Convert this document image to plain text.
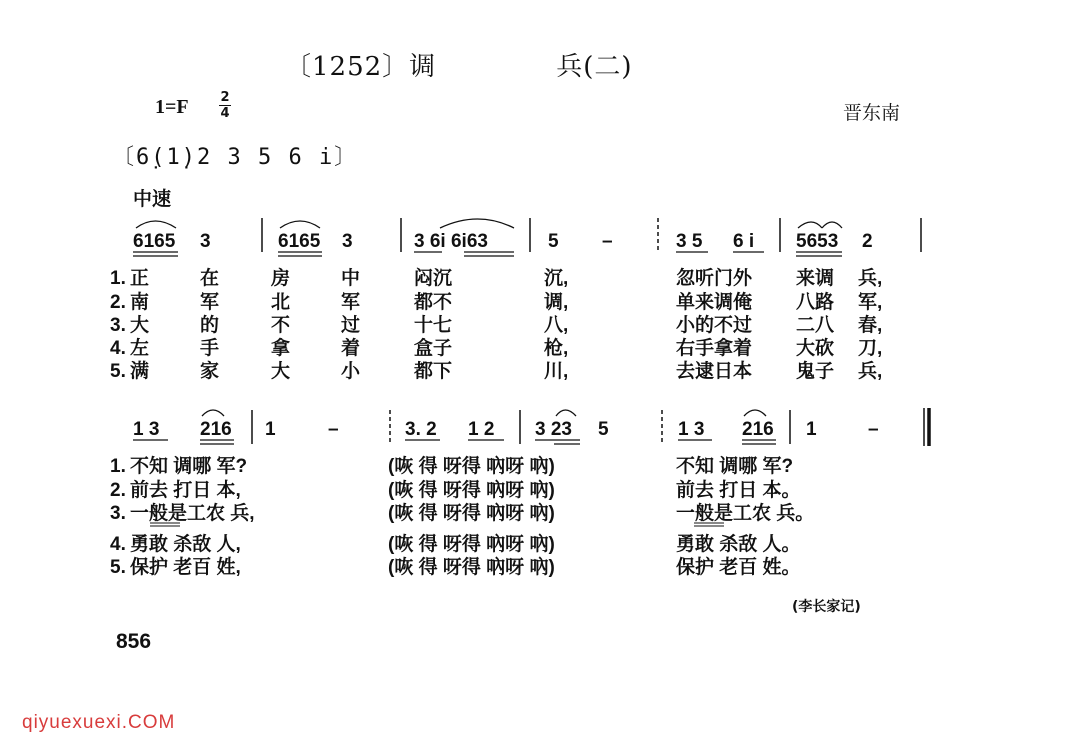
〔1252〕调	兵(二)
1=F 2
4	晋东南
〔6̣(1̣)2 3 5 6 i〕
中速
6165 3	6165 3	3 6i 6i63	5 –	3 5 6 i 5653 2
1. 正	在	房	中	闷沉	沉,	忽听门外 来调 兵,
2. 南	军	北	军	都不	调,	单来调俺 八路 军,
3. 大	的	不	过	十七	八,	小的不过 二八 春,
4. 左	手	拿	着	盒子	枪,	右手拿着 大砍 刀,
5. 满	家	大	小	都下	川,	去逮日本 鬼子 兵,
1 3 216 1	–	3. 2 1 2 3 23 5	1 3 216 1	–
1. 不知 调哪 军?	(咴 得 呀得 吶呀 吶)	不知 调哪 军?
2. 前去 打日 本,	(咴 得 呀得 吶呀 吶)	前去 打日 本。
3. 一般是工农 兵,	(咴 得 呀得 吶呀 吶)	一般是工农 兵。
4. 勇敢 杀敌 人,	(咴 得 呀得 吶呀 吶)	勇敢 杀敌 人。
5. 保护 老百 姓,	(咴 得 呀得 吶呀 吶)	保护 老百 姓。
(李长家记)
856
qiyuexuexi.COM
